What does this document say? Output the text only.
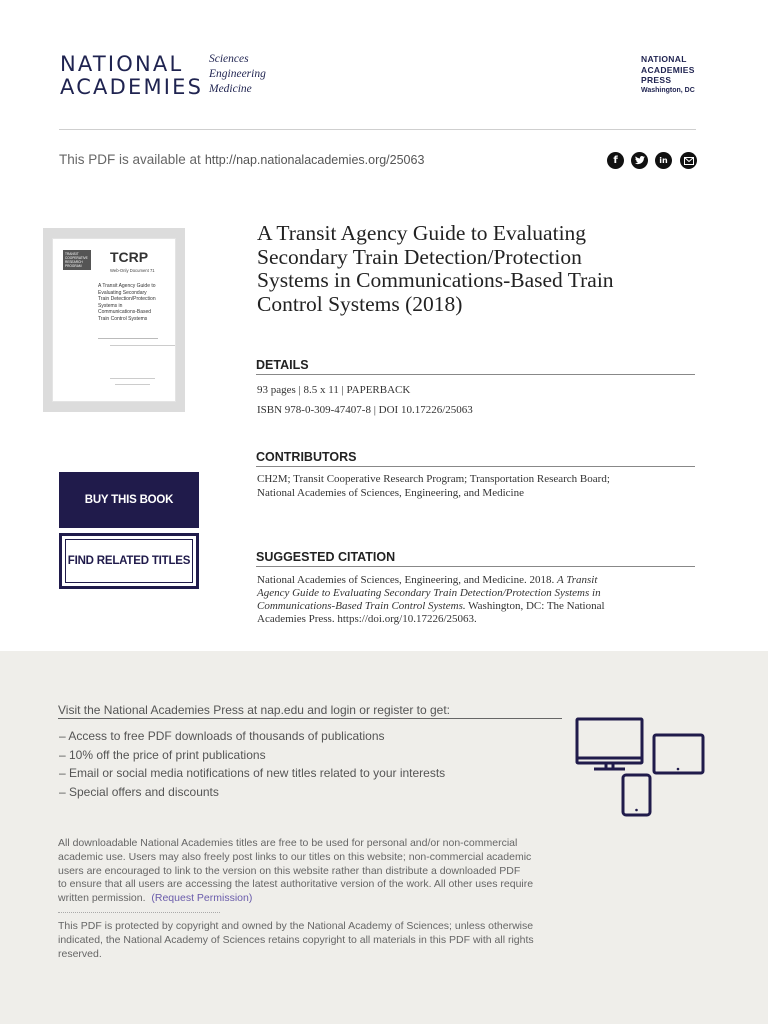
NATIONAL
ACADEMIES
Sciences
Engineering
Medicine
NATIONAL
ACADEMIES
PRESS
Washington, DC
This PDF is available at http://nap.nationalacademies.org/25063	f	in
TRANSIT COOPERATIVE RESEARCH PROGRAM
TCRP
Web-Only Document 71
A Transit Agency Guide to
Evaluating Secondary
Train Detection/Protection
Systems in
Communications-Based
Train Control Systems
BUY THIS BOOK
FIND RELATED TITLES
A Transit Agency Guide to Evaluating
Secondary Train Detection/Protection
Systems in Communications-Based Train
Control Systems (2018)
DETAILS
93 pages | 8.5 x 11 | PAPERBACK
ISBN 978-0-309-47407-8 | DOI 10.17226/25063
CONTRIBUTORS
CH2M; Transit Cooperative Research Program; Transportation Research Board;
National Academies of Sciences, Engineering, and Medicine
SUGGESTED CITATION
National Academies of Sciences, Engineering, and Medicine. 2018. A Transit
Agency Guide to Evaluating Secondary Train Detection/Protection Systems in
Communications-Based Train Control Systems. Washington, DC: The National
Academies Press. https://doi.org/10.17226/25063.
Visit the National Academies Press at nap.edu and login or register to get:
– Access to free PDF downloads of thousands of publications
– 10% off the price of print publications
– Email or social media notifications of new titles related to your interests
– Special offers and discounts
All downloadable National Academies titles are free to be used for personal and/or non-commercial
academic use. Users may also freely post links to our titles on this website; non-commercial academic
users are encouraged to link to the version on this website rather than distribute a downloaded PDF
to ensure that all users are accessing the latest authoritative version of the work. All other uses require
written permission. (Request Permission)
This PDF is protected by copyright and owned by the National Academy of Sciences; unless otherwise
indicated, the National Academy of Sciences retains copyright to all materials in this PDF with all rights
reserved.
